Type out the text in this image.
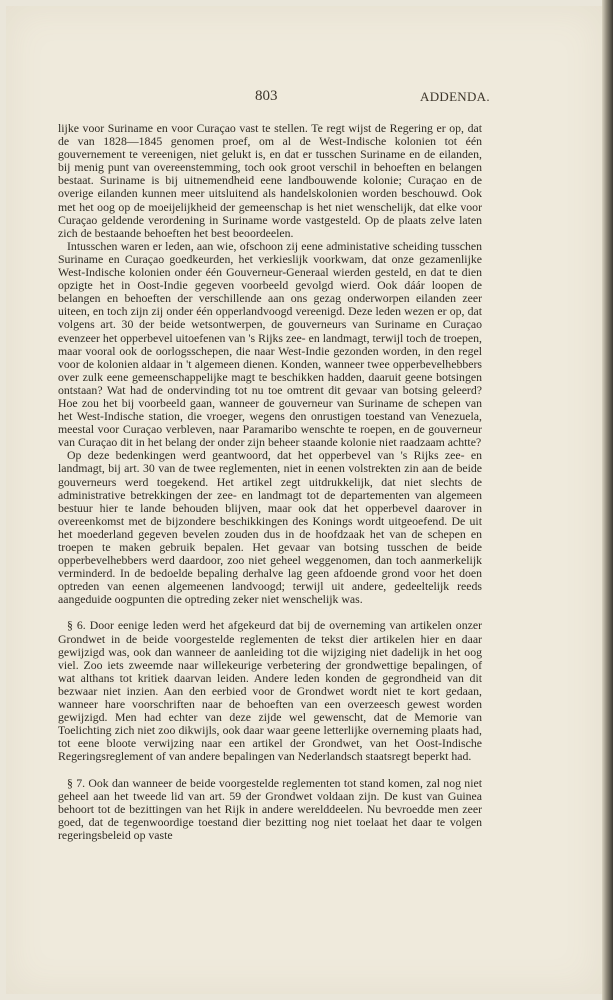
803	ADDENDA.

lijke voor Suriname en voor Curaçao vast te stellen. Te regt wijst de Regering er op, dat de van 1828—1845 genomen proef, om al de West-Indische kolonien tot één gouvernement te vereenigen, niet gelukt is, en dat er tusschen Suriname en de eilanden, bij menig punt van overeenstemming, toch ook groot verschil in behoeften en belangen bestaat. Suriname is bij uitnemendheid eene landbouwende kolonie; Curaçao en de overige eilanden kunnen meer uitsluitend als handelskolonien worden beschouwd. Ook met het oog op de moeijelijkheid der gemeenschap is het niet wenschelijk, dat elke voor Curaçao geldende verordening in Suriname worde vastgesteld. Op de plaats zelve laten zich de bestaande behoeften het best beoordeelen.

Intusschen waren er leden, aan wie, ofschoon zij eene administative scheiding tusschen Suriname en Curaçao goedkeurden, het verkieslijk voorkwam, dat onze gezamenlijke West-Indische kolonien onder één Gouverneur-Generaal wierden gesteld, en dat te dien opzigte het in Oost-Indie gegeven voorbeeld gevolgd wierd. Ook dáár loopen de belangen en behoeften der verschillende aan ons gezag onderworpen eilanden zeer uiteen, en toch zijn zij onder één opperlandvoogd vereenigd. Deze leden wezen er op, dat volgens art. 30 der beide wetsontwerpen, de gouverneurs van Suriname en Curaçao evenzeer het opperbevel uitoefenen van 's Rijks zee- en landmagt, terwijl toch de troepen, maar vooral ook de oorlogsschepen, die naar West-Indie gezonden worden, in den regel voor de kolonien aldaar in 't algemeen dienen. Konden, wanneer twee opperbevelhebbers over zulk eene gemeenschappelijke magt te beschikken hadden, daaruit geene botsingen ontstaan? Wat had de ondervinding tot nu toe omtrent dit gevaar van botsing geleerd? Hoe zou het bij voorbeeld gaan, wanneer de gouverneur van Suriname de schepen van het West-Indische station, die vroeger, wegens den onrustigen toestand van Venezuela, meestal voor Curaçao verbleven, naar Paramaribo wenschte te roepen, en de gouverneur van Curaçao dit in het belang der onder zijn beheer staande kolonie niet raadzaam achtte?

Op deze bedenkingen werd geantwoord, dat het opperbevel van 's Rijks zee- en landmagt, bij art. 30 van de twee reglementen, niet in eenen volstrekten zin aan de beide gouverneurs werd toegekend. Het artikel zegt uitdrukkelijk, dat niet slechts de administrative betrekkingen der zee- en landmagt tot de departementen van algemeen bestuur hier te lande behouden blijven, maar ook dat het opperbevel daarover in overeenkomst met de bijzondere beschikkingen des Konings wordt uitgeoefend. De uit het moederland gegeven bevelen zouden dus in de hoofdzaak het van de schepen en troepen te maken gebruik bepalen. Het gevaar van botsing tusschen de beide opperbevelhebbers werd daardoor, zoo niet geheel weggenomen, dan toch aanmerkelijk verminderd. In de bedoelde bepaling derhalve lag geen afdoende grond voor het doen optreden van eenen algemeenen landvoogd; terwijl uit andere, gedeeltelijk reeds aangeduide oogpunten die optreding zeker niet wenschelijk was.

§ 6. Door eenige leden werd het afgekeurd dat bij de overneming van artikelen onzer Grondwet in de beide voorgestelde reglementen de tekst dier artikelen hier en daar gewijzigd was, ook dan wanneer de aanleiding tot die wijziging niet dadelijk in het oog viel. Zoo iets zweemde naar willekeurige verbetering der grondwettige bepalingen, of wat althans tot kritiek daarvan leiden. Andere leden konden de gegrondheid van dit bezwaar niet inzien. Aan den eerbied voor de Grondwet wordt niet te kort gedaan, wanneer hare voorschriften naar de behoeften van een overzeesch gewest worden gewijzigd. Men had echter van deze zijde wel gewenscht, dat de Memorie van Toelichting zich niet zoo dikwijls, ook daar waar geene letterlijke overneming plaats had, tot eene bloote verwijzing naar een artikel der Grondwet, van het Oost-Indische Regeringsreglement of van andere bepalingen van Nederlandsch staatsregt beperkt had.

§ 7. Ook dan wanneer de beide voorgestelde reglementen tot stand komen, zal nog niet geheel aan het tweede lid van art. 59 der Grondwet voldaan zijn. De kust van Guinea behoort tot de bezittingen van het Rijk in andere werelddeelen. Nu bevroedde men zeer goed, dat de tegenwoordige toestand dier bezitting nog niet toelaat het daar te volgen regeringsbeleid op vaste
